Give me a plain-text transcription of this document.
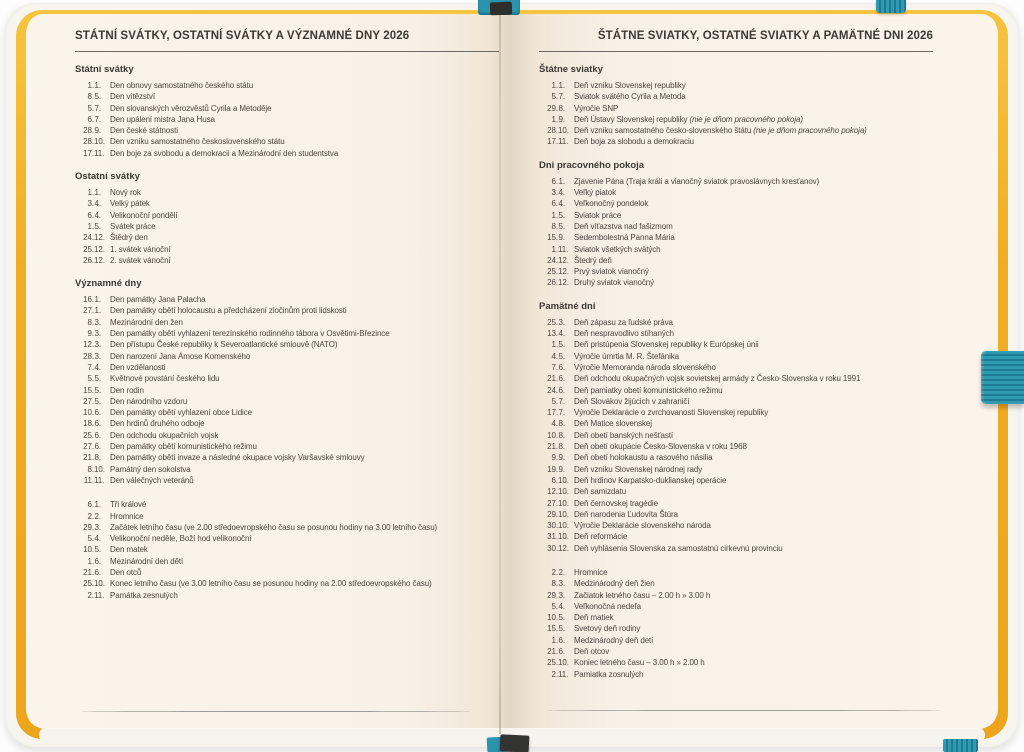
STÁTNÍ SVÁTKY, OSTATNÍ SVÁTKY A VÝZNAMNÉ DNY 2026
Státní svátky
1. 1.	Den obnovy samostatného českého státu
8. 5.	Den vítězství
5. 7.	Den slovanských věrozvěstů Cyrila a Metoděje
6. 7.	Den upálení mistra Jana Husa
28. 9.	Den české státnosti
28. 10. Den vzniku samostatného československého státu
17. 11. Den boje za svobodu a demokracii a Mezinárodní den studentstva
Ostatní svátky
1. 1.	Nový rok
3. 4.	Velký pátek
6. 4.	Velikonoční pondělí
1. 5.	Svátek práce
24. 12. Štědrý den
25. 12. 1. svátek vánoční
26. 12. 2. svátek vánoční
Významné dny
16. 1.	Den památky Jana Palacha
27. 1.	Den památky obětí holocaustu a předcházení zločinům proti lidskosti
8. 3.	Mezinárodní den žen
9. 3.	Den památky obětí vyhlazení terezínského rodinného tábora v Osvětimi-Březince
12. 3.	Den přístupu České republiky k Severoatlantické smlouvě (NATO)
28. 3.	Den narození Jana Ámose Komenského
7. 4.	Den vzdělanosti
5. 5.	Květnové povstání českého lidu
15. 5.	Den rodin
27. 5.	Den národního vzdoru
10. 6.	Den památky obětí vyhlazení obce Lidice
18. 6.	Den hrdinů druhého odboje
25. 6.	Den odchodu okupačních vojsk
27. 6.	Den památky obětí komunistického režimu
21. 8.	Den památky obětí invaze a následné okupace vojsky Varšavské smlouvy
8. 10. Památný den sokolstva
11. 11. Den válečných veteránů
6. 1.	Tři králové
2. 2.	Hromnice
29. 3.	Začátek letního času (ve 2.00 středoevropského času se posunou hodiny na 3.00 letního času)
5. 4.	Velikonoční neděle, Boží hod velikonoční
10. 5.	Den matek
1. 6.	Mezinárodní den dětí
21. 6.	Den otců
25. 10. Konec letního času (ve 3.00 letního času se posunou hodiny na 2.00 středoevropského času)
2. 11. Památka zesnulých
ŠTÁTNE SVIATKY, OSTATNÉ SVIATKY A PAMÄTNÉ DNI 2026
Štátne sviatky
1. 1.	Deň vzniku Slovenskej republiky
5. 7.	Sviatok svätého Cyrila a Metoda
29. 8.	Výročie SNP
1. 9.	Deň Ústavy Slovenskej republiky (nie je dňom pracovného pokoja)
28. 10. Deň vzniku samostatného česko-slovenského štátu (nie je dňom pracovného pokoja)
17. 11. Deň boja za slobodu a demokraciu
Dni pracovného pokoja
6. 1.	Zjavenie Pána (Traja králi a vianočný sviatok pravoslávnych kresťanov)
3. 4.	Veľký piatok
6. 4.	Veľkonočný pondelok
1. 5.	Sviatok práce
8. 5.	Deň víťazstva nad fašizmom
15. 9.	Sedembolestná Panna Mária
1. 11. Sviatok všetkých svätých
24. 12. Štedrý deň
25. 12. Prvý sviatok vianočný
26. 12. Druhý sviatok vianočný
Pamätné dni
25. 3.	Deň zápasu za ľudské práva
13. 4.	Deň nespravodlivo stíhaných
1. 5.	Deň pristúpenia Slovenskej republiky k Európskej únii
4. 5.	Výročie úmrtia M. R. Štefánika
7. 6.	Výročie Memoranda národa slovenského
21. 6.	Deň odchodu okupačných vojsk sovietskej armády z Česko-Slovenska v roku 1991
24. 6.	Deň pamiatky obetí komunistického režimu
5. 7.	Deň Slovákov žijúcich v zahraničí
17. 7.	Výročie Deklarácie o zvrchovanosti Slovenskej republiky
4. 8.	Deň Matice slovenskej
10. 8.	Deň obetí banských nešťastí
21. 8.	Deň obetí okupácie Česko-Slovenska v roku 1968
9. 9.	Deň obetí holokaustu a rasového násilia
19. 9.	Deň vzniku Slovenskej národnej rady
6. 10. Deň hrdinov Karpatsko-duklianskej operácie
12. 10. Deň samizdatu
27. 10. Deň černovskej tragédie
29. 10. Deň narodenia Ľudovíta Štúra
30. 10. Výročie Deklarácie slovenského národa
31. 10. Deň reformácie
30. 12. Deň vyhlásenia Slovenska za samostatnú cirkevnú provinciu
2. 2.	Hromnice
8. 3.	Medzinárodný deň žien
29. 3.	Začiatok letného času – 2.00 h » 3.00 h
5. 4.	Veľkonočná nedeľa
10. 5.	Deň matiek
15. 5.	Svetový deň rodiny
1. 6.	Medzinárodný deň detí
21. 6.	Deň otcov
25. 10. Koniec letného času – 3.00 h » 2.00 h
2. 11. Pamiatka zosnulých
